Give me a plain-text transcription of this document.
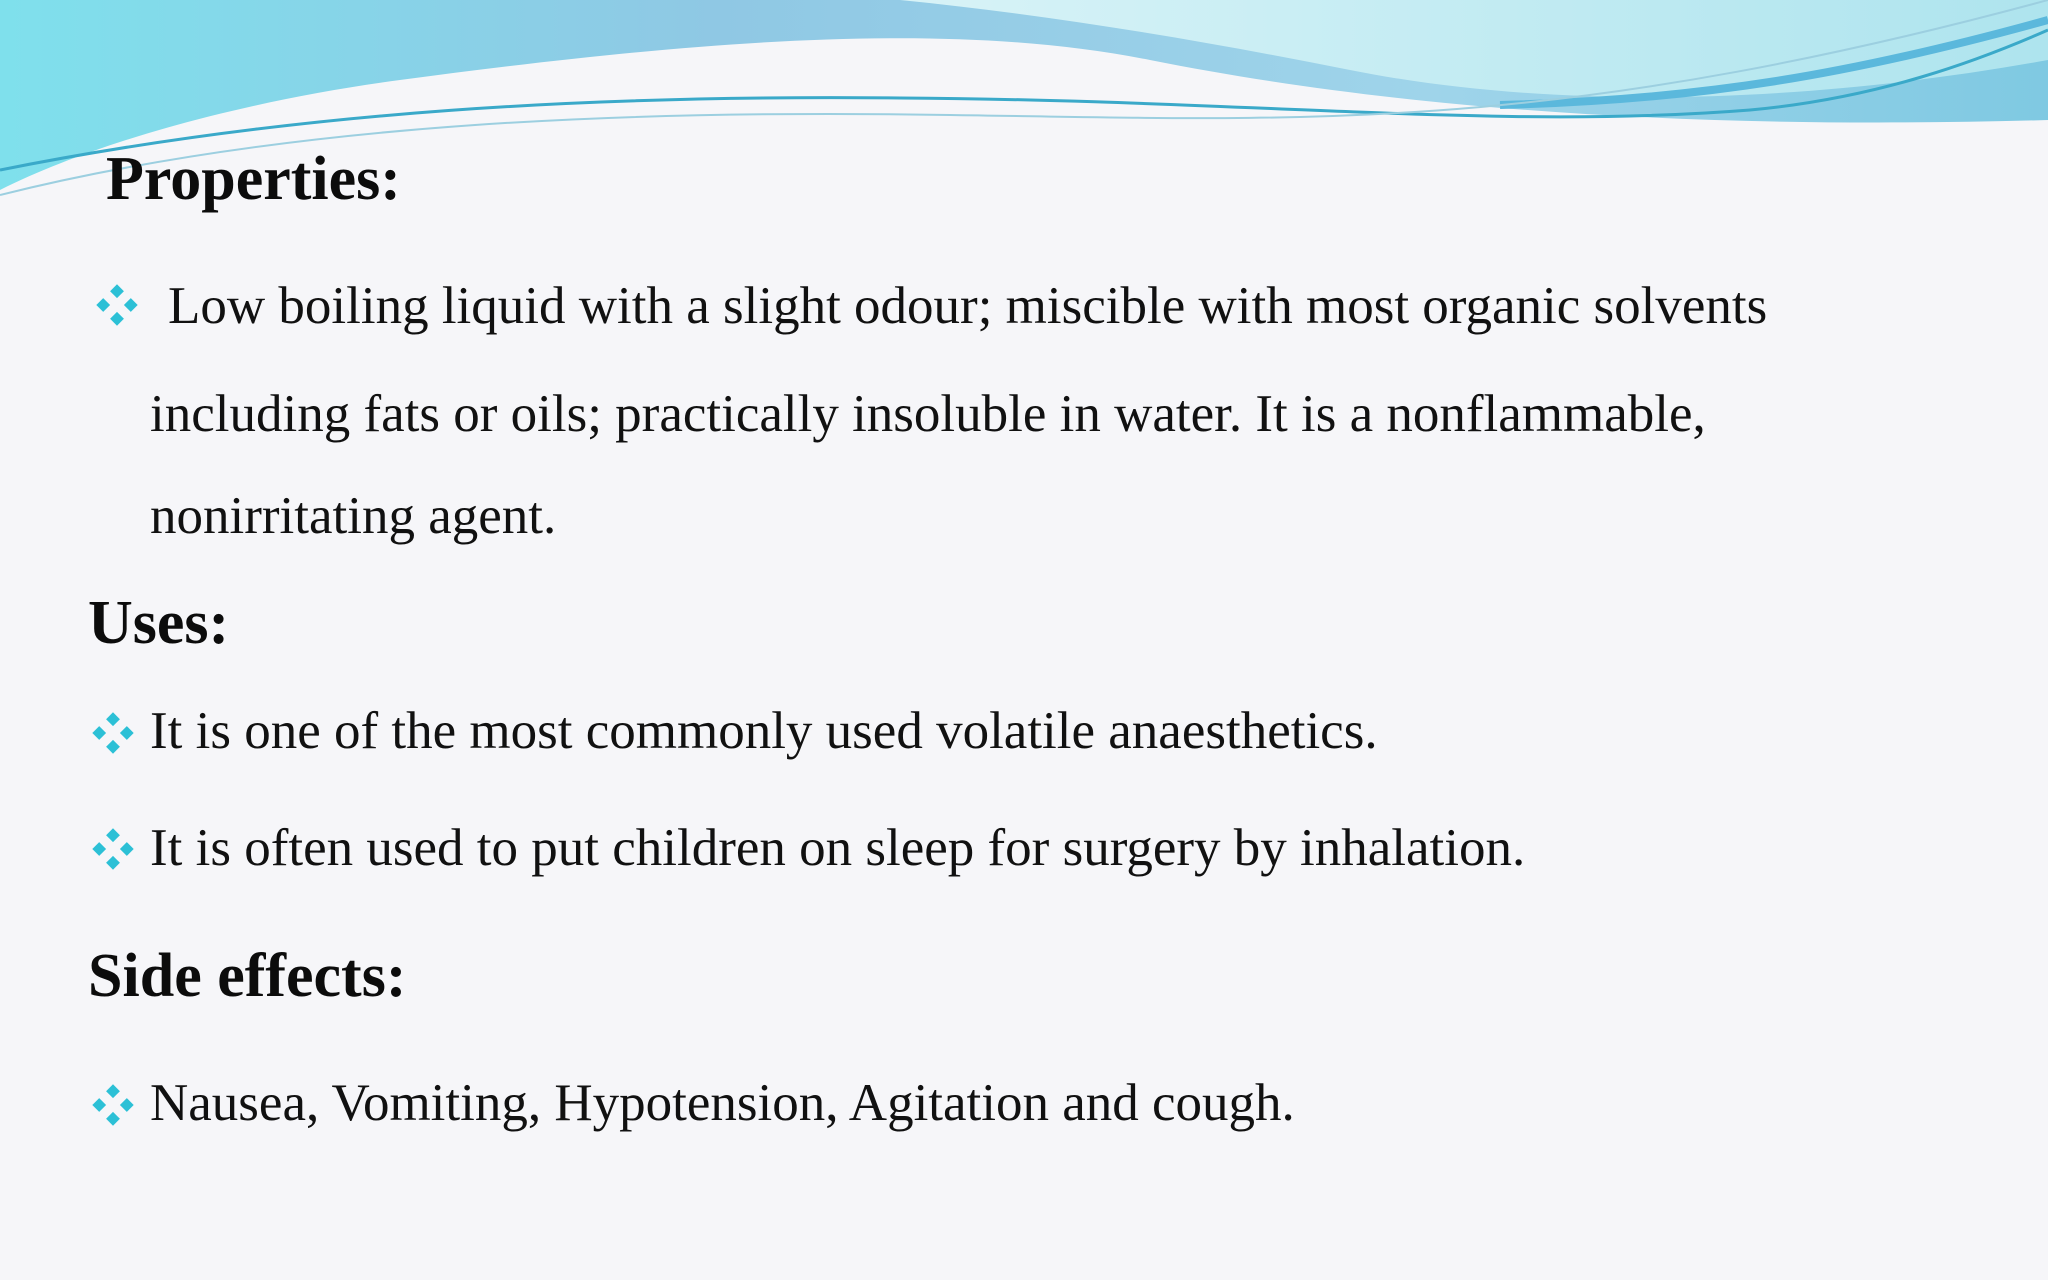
Properties:

Low boiling liquid with a slight odour; miscible with most organic solvents

including fats or oils; practically insoluble in water. It is a nonflammable,

nonirritating agent.

Uses:

It is one of the most commonly used volatile anaesthetics.

It is often used to put children on sleep for surgery by inhalation.

Side effects:

Nausea, Vomiting, Hypotension, Agitation and cough.
